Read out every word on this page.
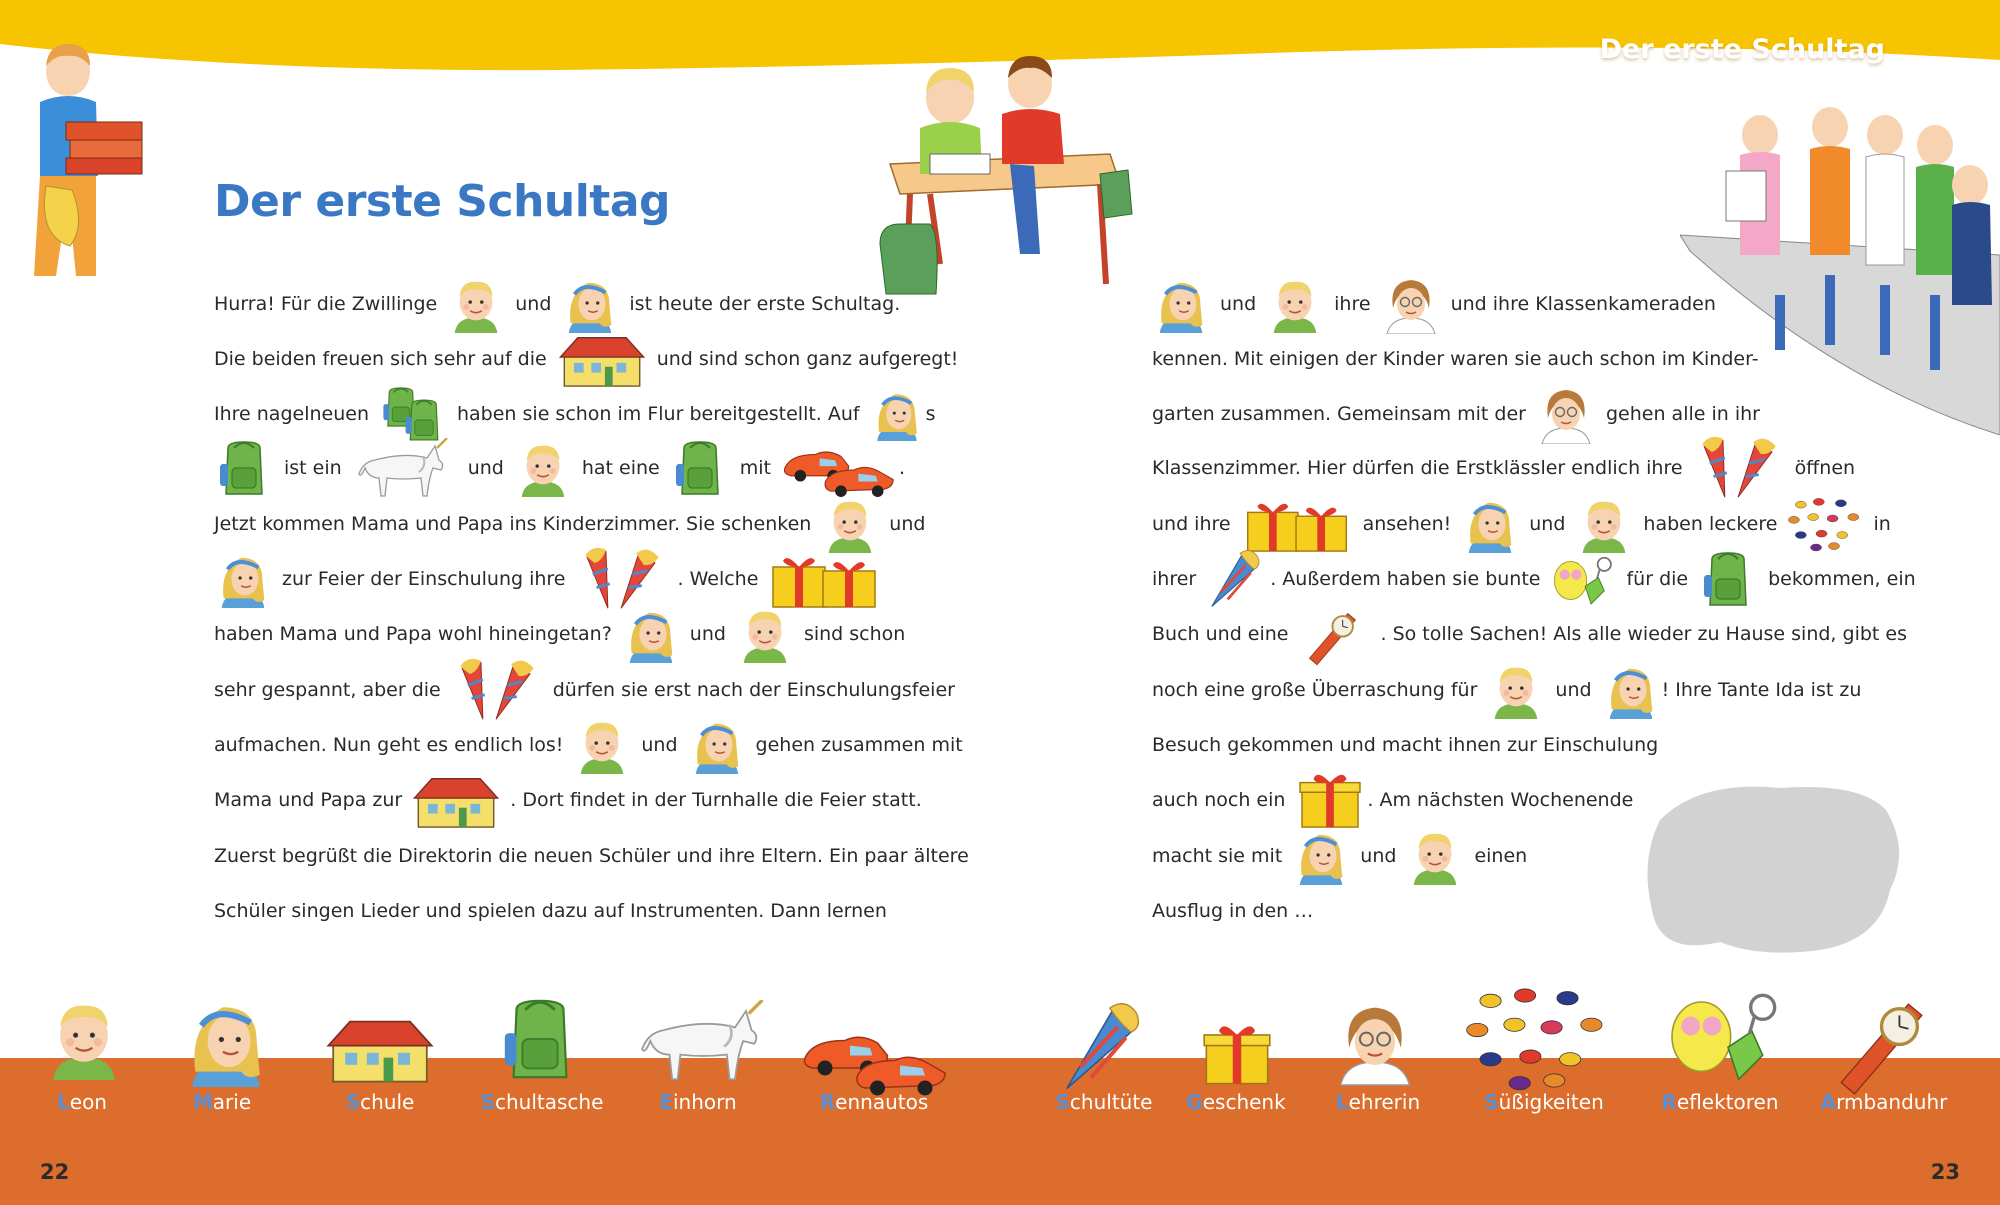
Der erste Schultag
Der erste Schultag
Hurra! Für die Zwillinge	und	ist heute der erste Schultag.
Die beiden freuen sich sehr auf die	und sind schon ganz aufgeregt!
Ihre nagelneuen	haben sie schon im Flur bereitgestellt. Auf	s
ist ein	und	hat eine	mit	.
Jetzt kommen Mama und Papa ins Kinderzimmer. Sie schenken	und
zur Feier der Einschulung ihre	. Welche
haben Mama und Papa wohl hineingetan?	und	sind schon
sehr gespannt, aber die	dürfen sie erst nach der Einschulungsfeier
aufmachen. Nun geht es endlich los!	und	gehen zusammen mit
Mama und Papa zur	. Dort findet in der Turnhalle die Feier statt.
Zuerst begrüßt die Direktorin die neuen Schüler und ihre Eltern. Ein paar ältere
Schüler singen Lieder und spielen dazu auf Instrumenten. Dann lernen
und	ihre	und ihre Klassenkameraden
kennen. Mit einigen der Kinder waren sie auch schon im Kinder-
garten zusammen. Gemeinsam mit der	gehen alle in ihr
Klassenzimmer. Hier dürfen die Erstklässler endlich ihre	öffnen
und ihre	ansehen!	und	haben leckere	in
ihrer	. Außerdem haben sie bunte	für die	bekommen, ein
Buch und eine	. So tolle Sachen! Als alle wieder zu Hause sind, gibt es
noch eine große Überraschung für	und	! Ihre Tante Ida ist zu
Besuch gekommen und macht ihnen zur Einschulung
auch noch ein	. Am nächsten Wochenende
macht sie mit	und	einen
Ausflug in den …
Leon	Marie	Schule	Schultasche	Einhorn	Rennautos	Schultüte Geschenk	Lehrerin	Süßigkeiten	Reflektoren Armbanduhr
22	23
